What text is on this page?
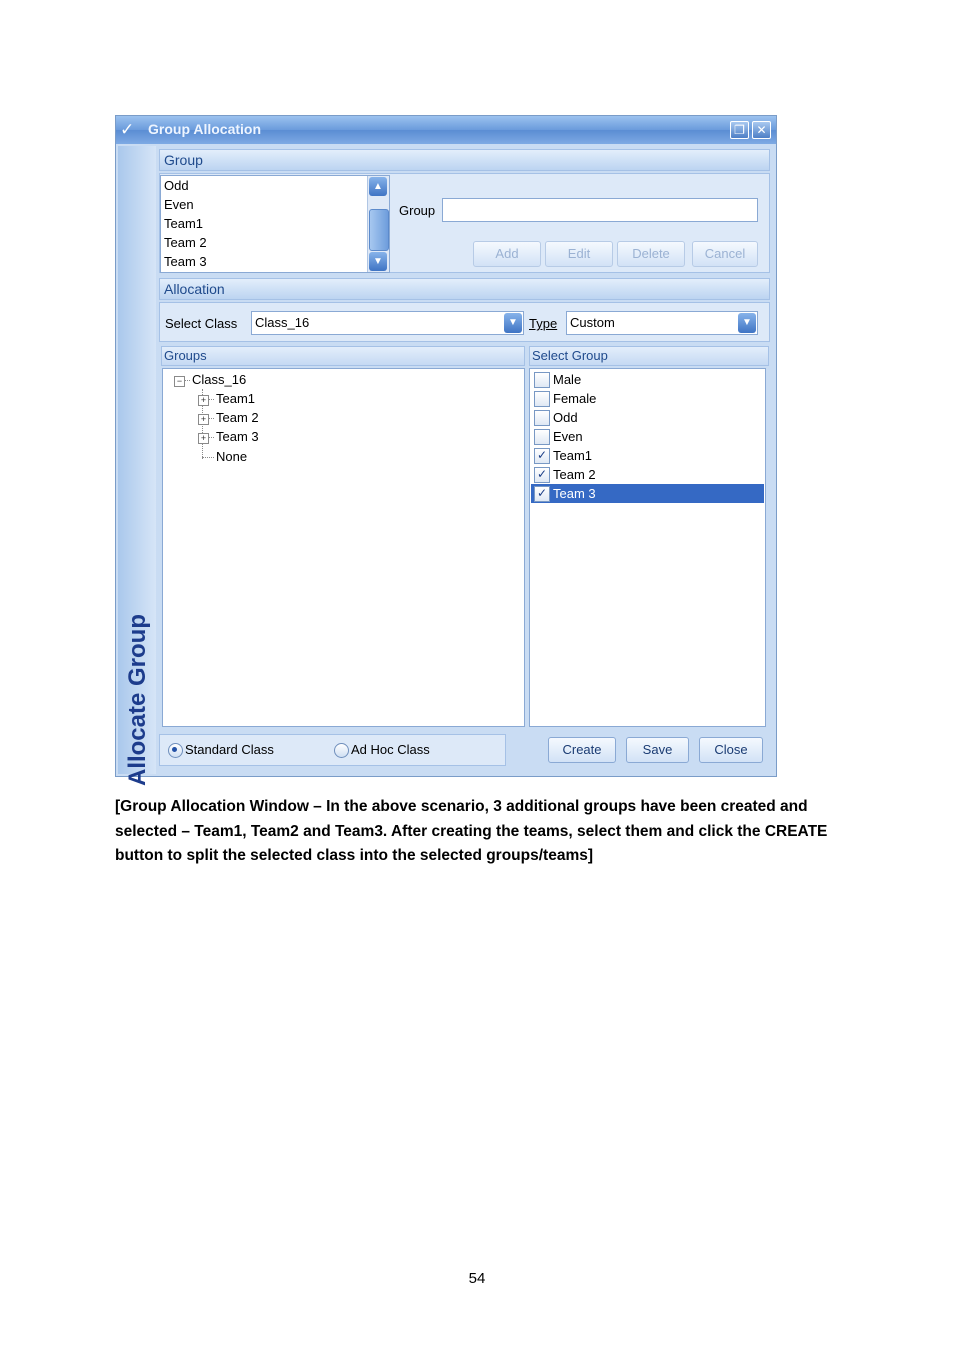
✓ Group Allocation	❐ ✕
Allocate Group
Group
Odd
Even
Team1
Team 2
Team 3
▲
▼
Group
Add	Edit	Delete	Cancel
Allocation
Select Class	Class_16	▼ Type Custom	▼
Groups
− Class_16
+ Team1
+ Team 2
+ Team 3
None
Select Group
Male
Female
Odd
Even
✓ Team1
✓ Team 2
✓ Team 3
Standard Class	Ad Hoc Class	Create	Save	Close
[Group Allocation Window – In the above scenario, 3 additional groups have been created and selected – Team1, Team2 and Team3. After creating the teams, select them and click the CREATE button to split the selected class into the selected groups/teams]
54
